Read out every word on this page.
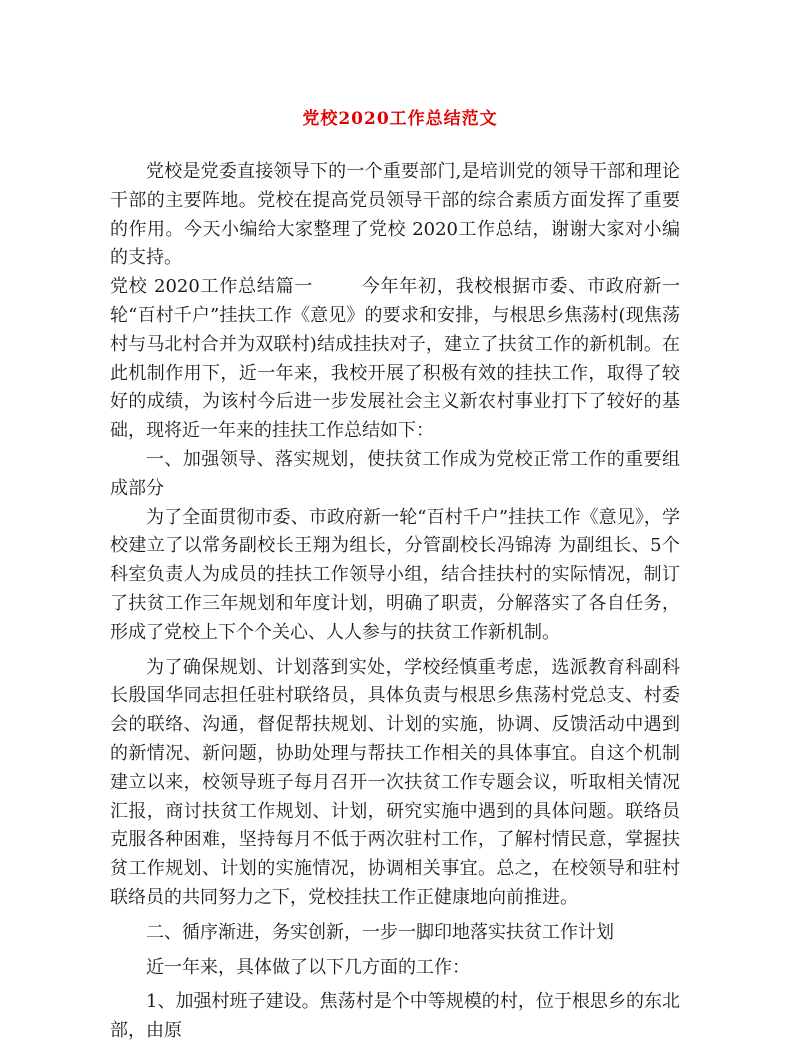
党校2020工作总结范文

党校是党委直接领导下的一个重要部门,是培训党的领导干部和理论干部的主要阵地。党校在提高党员领导干部的综合素质方面发挥了重要的作用。今天小编给大家整理了党校 2020工作总结，谢谢大家对小编的支持。

党校 2020工作总结篇一	今年年初，我校根据市委、市政府新一轮“百村千户”挂扶工作《意见》的要求和安排，与根思乡焦荡村(现焦荡村与马北村合并为双联村)结成挂扶对子，建立了扶贫工作的新机制。在此机制作用下，近一年来，我校开展了积极有效的挂扶工作，取得了较好的成绩，为该村今后进一步发展社会主义新农村事业打下了较好的基础，现将近一年来的挂扶工作总结如下：

一、加强领导、落实规划，使扶贫工作成为党校正常工作的重要组成部分

为了全面贯彻市委、市政府新一轮“百村千户”挂扶工作《意见》，学校建立了以常务副校长王翔为组长，分管副校长冯锦涛 为副组长、5个科室负责人为成员的挂扶工作领导小组，结合挂扶村的实际情况，制订了扶贫工作三年规划和年度计划，明确了职责，分解落实了各自任务，形成了党校上下个个关心、人人参与的扶贫工作新机制。

为了确保规划、计划落到实处，学校经慎重考虑，选派教育科副科长殷国华同志担任驻村联络员，具体负责与根思乡焦荡村党总支、村委会的联络、沟通，督促帮扶规划、计划的实施，协调、反馈活动中遇到的新情况、新问题，协助处理与帮扶工作相关的具体事宜。自这个机制建立以来，校领导班子每月召开一次扶贫工作专题会议，听取相关情况汇报，商讨扶贫工作规划、计划，研究实施中遇到的具体问题。联络员克服各种困难，坚持每月不低于两次驻村工作，了解村情民意，掌握扶贫工作规划、计划的实施情况，协调相关事宜。总之，在校领导和驻村联络员的共同努力之下，党校挂扶工作正健康地向前推进。

二、循序渐进，务实创新，一步一脚印地落实扶贫工作计划

近一年来，具体做了以下几方面的工作：

1、加强村班子建设。焦荡村是个中等规模的村，位于根思乡的东北部，由原
